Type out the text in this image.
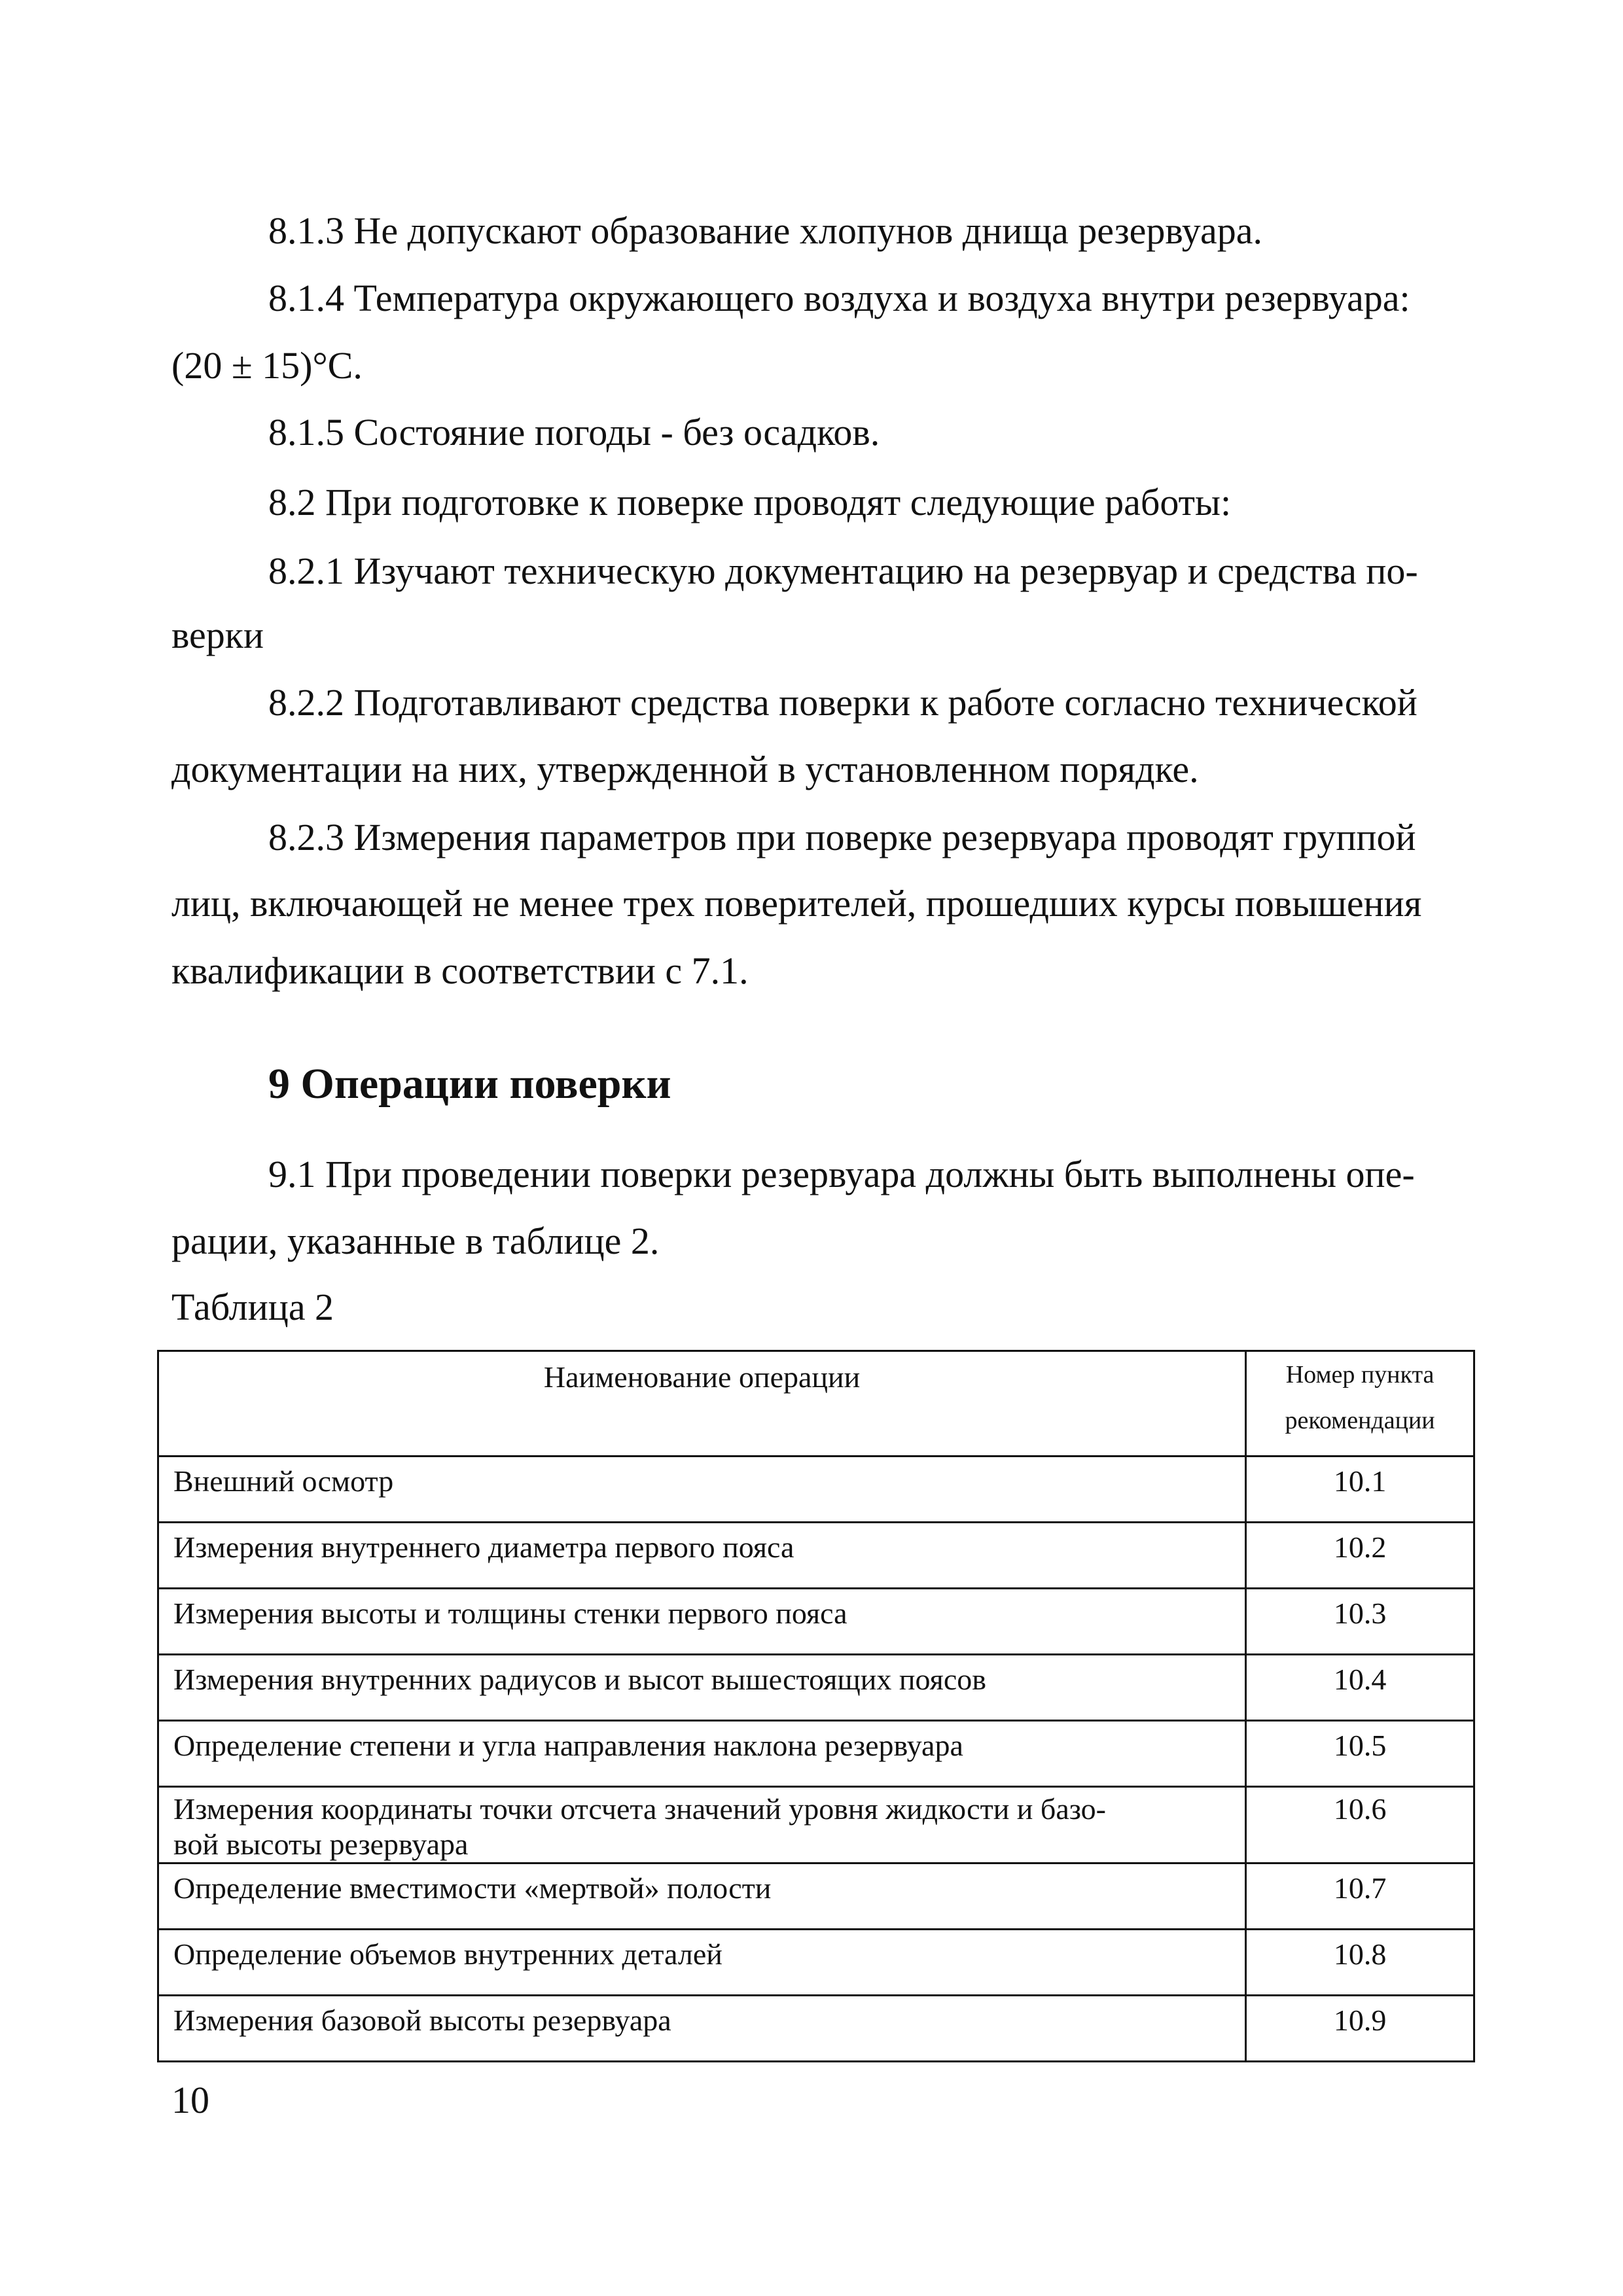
8.1.3 Не допускают образование хлопунов днища резервуара.
8.1.4 Температура окружающего воздуха и воздуха внутри резервуара:
(20 ± 15)°С.
8.1.5 Состояние погоды - без осадков.
8.2 При подготовке к поверке проводят следующие работы:
8.2.1 Изучают техническую документацию на резервуар и средства по-
верки
8.2.2 Подготавливают средства поверки к работе согласно технической
документации на них, утвержденной в установленном порядке.
8.2.3 Измерения параметров при поверке резервуара проводят группой
лиц, включающей не менее трех поверителей, прошедших курсы повышения
квалификации в соответствии с 7.1.
9 Операции поверки
9.1 При проведении поверки резервуара должны быть выполнены опе-
рации, указанные в таблице 2.
Таблица 2
Наименование операции	Номер пункта
рекомендации
Внешний осмотр	10.1
Измерения внутреннего диаметра первого пояса	10.2
Измерения высоты и толщины стенки первого пояса	10.3
Измерения внутренних радиусов и высот вышестоящих поясов	10.4
Определение степени и угла направления наклона резервуара	10.5
Измерения координаты точки отсчета значений уровня жидкости и базо-
вой высоты резервуара	10.6
Определение вместимости «мертвой» полости	10.7
Определение объемов внутренних деталей	10.8
Измерения базовой высоты резервуара	10.9
10
